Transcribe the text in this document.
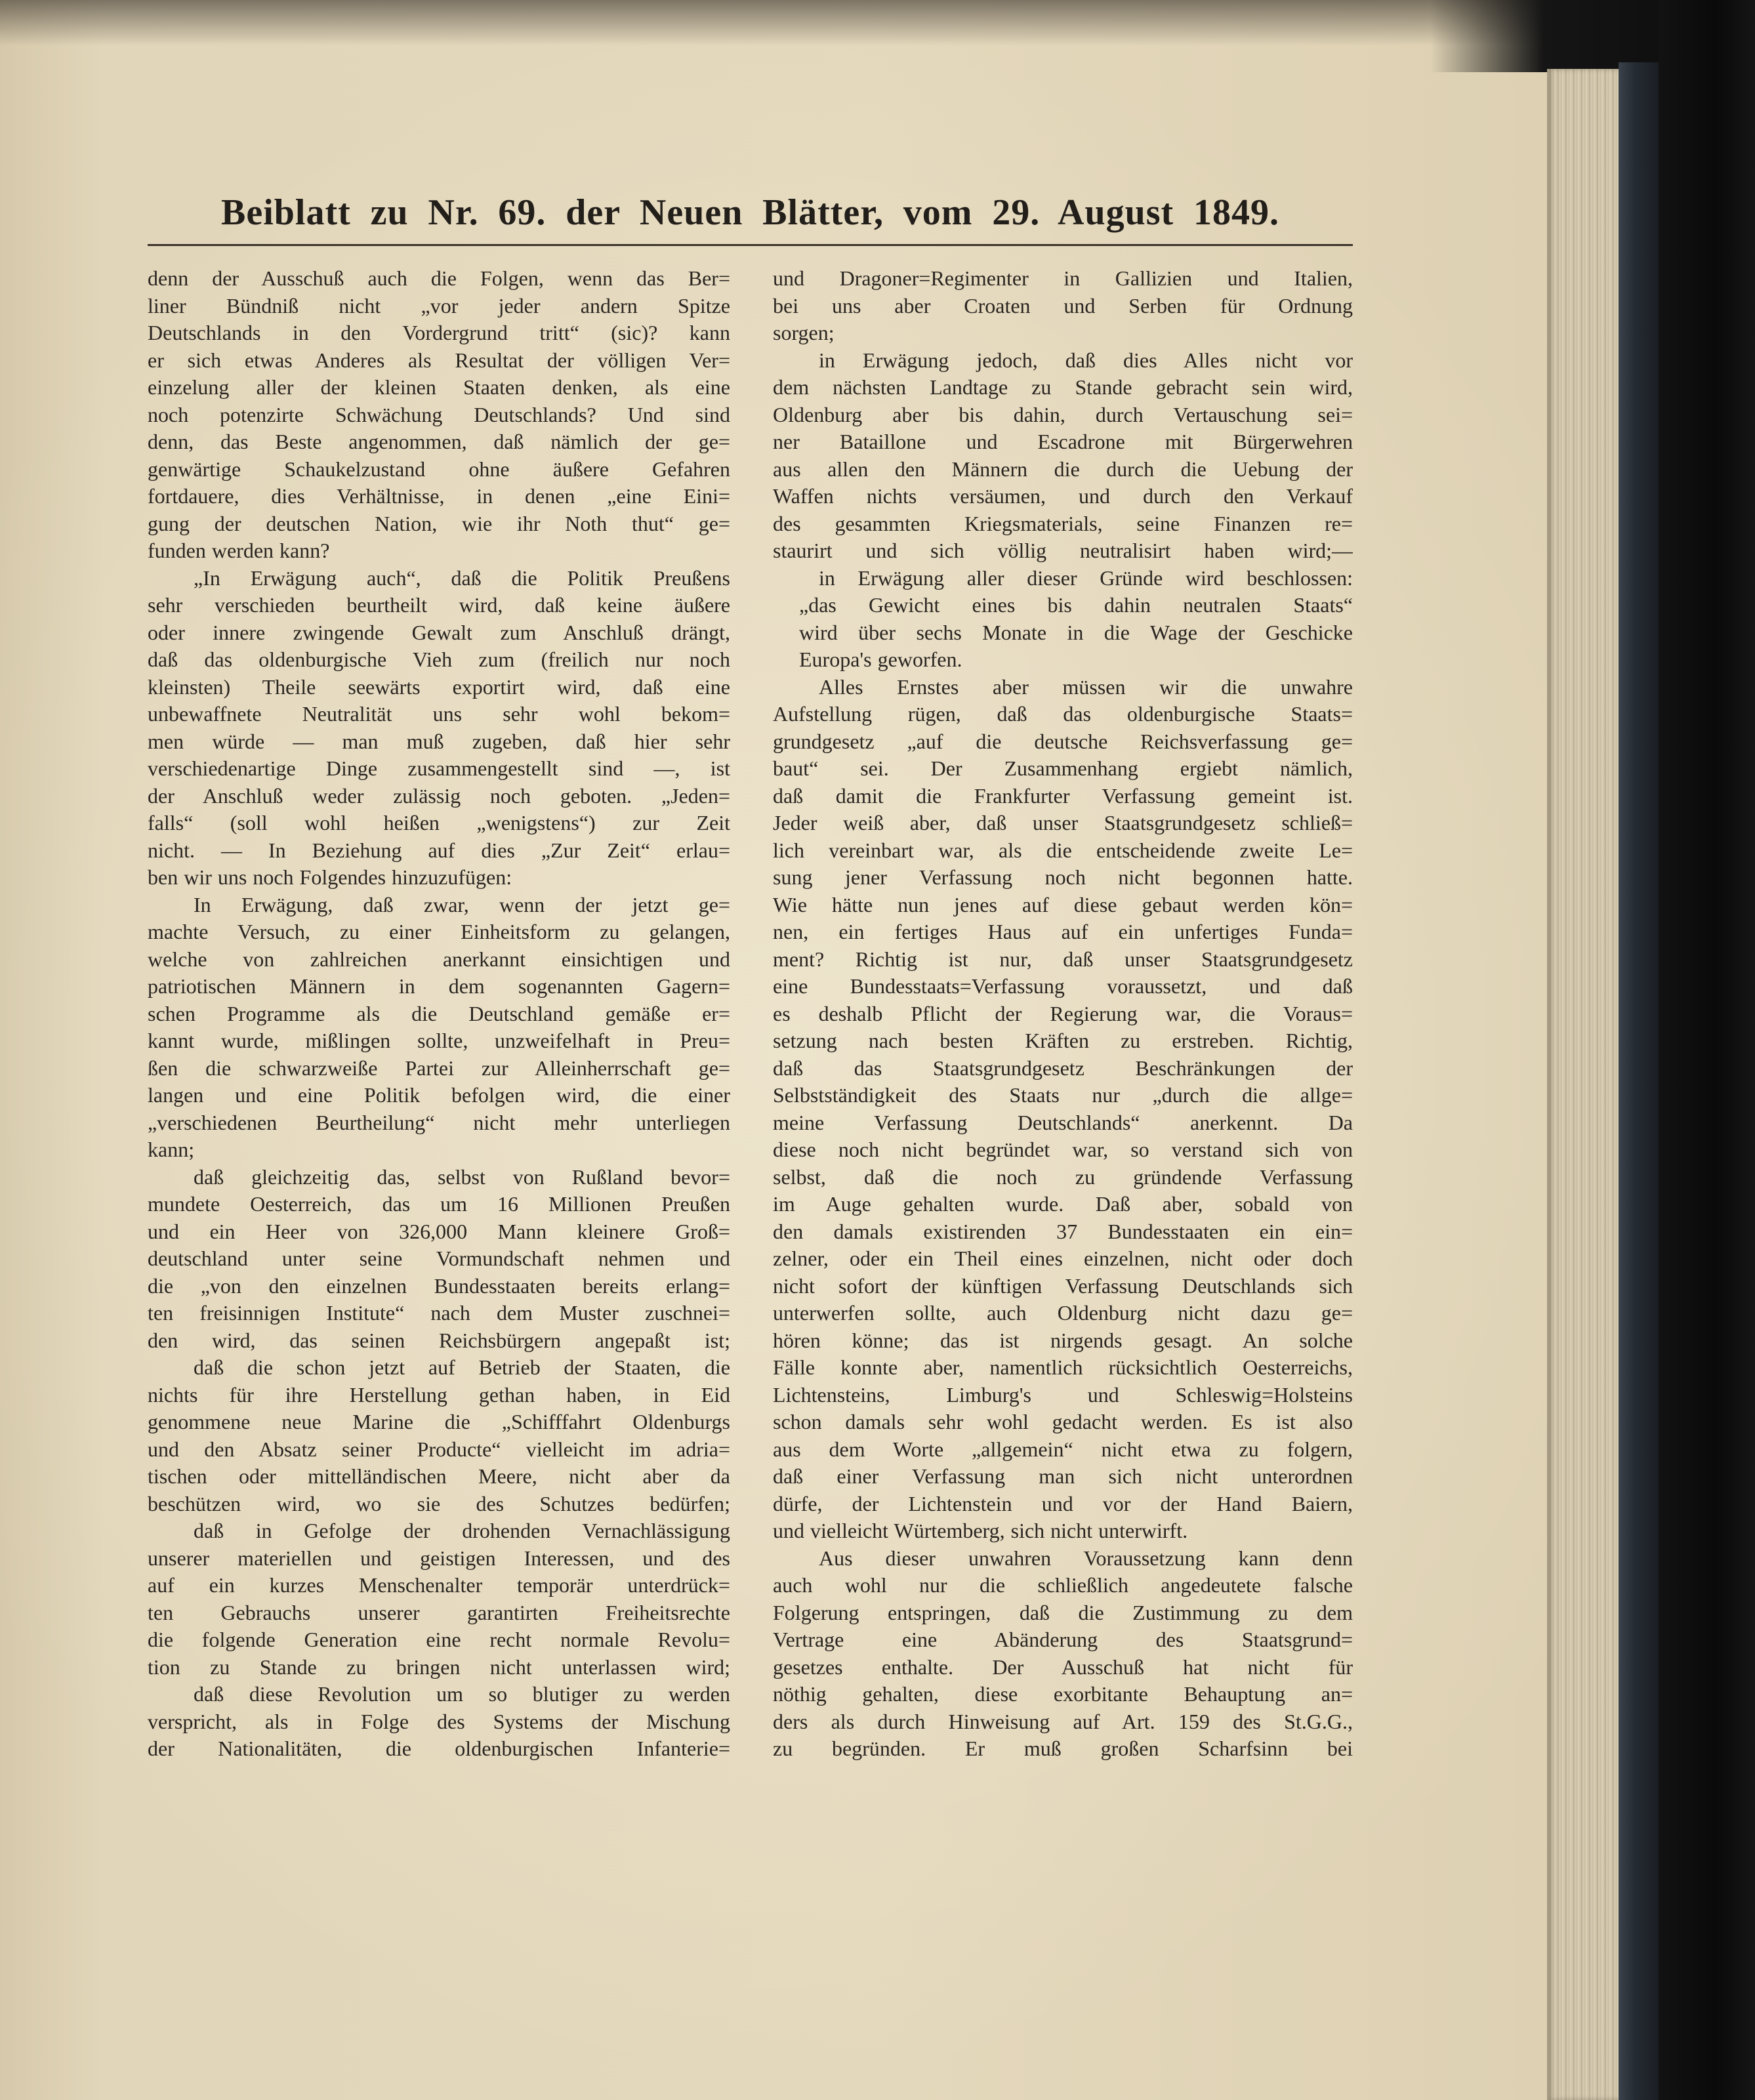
Beiblatt zu Nr. 69. der Neuen Blätter, vom 29. August 1849.
denn der Ausschuß auch die Folgen, wenn das Ber=
liner Bündniß nicht „vor jeder andern Spitze
Deutschlands in den Vordergrund tritt“ (sic)? kann
er sich etwas Anderes als Resultat der völligen Ver=
einzelung aller der kleinen Staaten denken, als eine
noch potenzirte Schwächung Deutschlands? Und sind
denn, das Beste angenommen, daß nämlich der ge=
genwärtige Schaukelzustand ohne äußere Gefahren
fortdauere, dies Verhältnisse, in denen „eine Eini=
gung der deutschen Nation, wie ihr Noth thut“ ge=
funden werden kann?
„In Erwägung auch“, daß die Politik Preußens
sehr verschieden beurtheilt wird, daß keine äußere
oder innere zwingende Gewalt zum Anschluß drängt,
daß das oldenburgische Vieh zum (freilich nur noch
kleinsten) Theile seewärts exportirt wird, daß eine
unbewaffnete Neutralität uns sehr wohl bekom=
men würde — man muß zugeben, daß hier sehr
verschiedenartige Dinge zusammengestellt sind —, ist
der Anschluß weder zulässig noch geboten. „Jeden=
falls“ (soll wohl heißen „wenigstens“) zur Zeit
nicht. — In Beziehung auf dies „Zur Zeit“ erlau=
ben wir uns noch Folgendes hinzuzufügen:
In Erwägung, daß zwar, wenn der jetzt ge=
machte Versuch, zu einer Einheitsform zu gelangen,
welche von zahlreichen anerkannt einsichtigen und
patriotischen Männern in dem sogenannten Gagern=
schen Programme als die Deutschland gemäße er=
kannt wurde, mißlingen sollte, unzweifelhaft in Preu=
ßen die schwarzweiße Partei zur Alleinherrschaft ge=
langen und eine Politik befolgen wird, die einer
„verschiedenen Beurtheilung“ nicht mehr unterliegen
kann;
daß gleichzeitig das, selbst von Rußland bevor=
mundete Oesterreich, das um 16 Millionen Preußen
und ein Heer von 326,000 Mann kleinere Groß=
deutschland unter seine Vormundschaft nehmen und
die „von den einzelnen Bundesstaaten bereits erlang=
ten freisinnigen Institute“ nach dem Muster zuschnei=
den wird, das seinen Reichsbürgern angepaßt ist;
daß die schon jetzt auf Betrieb der Staaten, die
nichts für ihre Herstellung gethan haben, in Eid
genommene neue Marine die „Schifffahrt Oldenburgs
und den Absatz seiner Producte“ vielleicht im adria=
tischen oder mittelländischen Meere, nicht aber da
beschützen wird, wo sie des Schutzes bedürfen;
daß in Gefolge der drohenden Vernachlässigung
unserer materiellen und geistigen Interessen, und des
auf ein kurzes Menschenalter temporär unterdrück=
ten Gebrauchs unserer garantirten Freiheitsrechte
die folgende Generation eine recht normale Revolu=
tion zu Stande zu bringen nicht unterlassen wird;
daß diese Revolution um so blutiger zu werden
verspricht, als in Folge des Systems der Mischung
der Nationalitäten, die oldenburgischen Infanterie=
und Dragoner=Regimenter in Gallizien und Italien,
bei uns aber Croaten und Serben für Ordnung
sorgen;
in Erwägung jedoch, daß dies Alles nicht vor
dem nächsten Landtage zu Stande gebracht sein wird,
Oldenburg aber bis dahin, durch Vertauschung sei=
ner Bataillone und Escadrone mit Bürgerwehren
aus allen den Männern die durch die Uebung der
Waffen nichts versäumen, und durch den Verkauf
des gesammten Kriegsmaterials, seine Finanzen re=
staurirt und sich völlig neutralisirt haben wird;—
in Erwägung aller dieser Gründe wird beschlossen:
„das Gewicht eines bis dahin neutralen Staats“
wird über sechs Monate in die Wage der Geschicke
Europa's geworfen.
Alles Ernstes aber müssen wir die unwahre
Aufstellung rügen, daß das oldenburgische Staats=
grundgesetz „auf die deutsche Reichsverfassung ge=
baut“ sei. Der Zusammenhang ergiebt nämlich,
daß damit die Frankfurter Verfassung gemeint ist.
Jeder weiß aber, daß unser Staatsgrundgesetz schließ=
lich vereinbart war, als die entscheidende zweite Le=
sung jener Verfassung noch nicht begonnen hatte.
Wie hätte nun jenes auf diese gebaut werden kön=
nen, ein fertiges Haus auf ein unfertiges Funda=
ment? Richtig ist nur, daß unser Staatsgrundgesetz
eine Bundesstaats=Verfassung voraussetzt, und daß
es deshalb Pflicht der Regierung war, die Voraus=
setzung nach besten Kräften zu erstreben. Richtig,
daß das Staatsgrundgesetz Beschränkungen der
Selbstständigkeit des Staats nur „durch die allge=
meine Verfassung Deutschlands“ anerkennt. Da
diese noch nicht begründet war, so verstand sich von
selbst, daß die noch zu gründende Verfassung
im Auge gehalten wurde. Daß aber, sobald von
den damals existirenden 37 Bundesstaaten ein ein=
zelner, oder ein Theil eines einzelnen, nicht oder doch
nicht sofort der künftigen Verfassung Deutschlands sich
unterwerfen sollte, auch Oldenburg nicht dazu ge=
hören könne; das ist nirgends gesagt. An solche
Fälle konnte aber, namentlich rücksichtlich Oesterreichs,
Lichtensteins, Limburg's und Schleswig=Holsteins
schon damals sehr wohl gedacht werden. Es ist also
aus dem Worte „allgemein“ nicht etwa zu folgern,
daß einer Verfassung man sich nicht unterordnen
dürfe, der Lichtenstein und vor der Hand Baiern,
und vielleicht Würtemberg, sich nicht unterwirft.
Aus dieser unwahren Voraussetzung kann denn
auch wohl nur die schließlich angedeutete falsche
Folgerung entspringen, daß die Zustimmung zu dem
Vertrage eine Abänderung des Staatsgrund=
gesetzes enthalte. Der Ausschuß hat nicht für
nöthig gehalten, diese exorbitante Behauptung an=
ders als durch Hinweisung auf Art. 159 des St.G.G.,
zu begründen. Er muß großen Scharfsinn bei
